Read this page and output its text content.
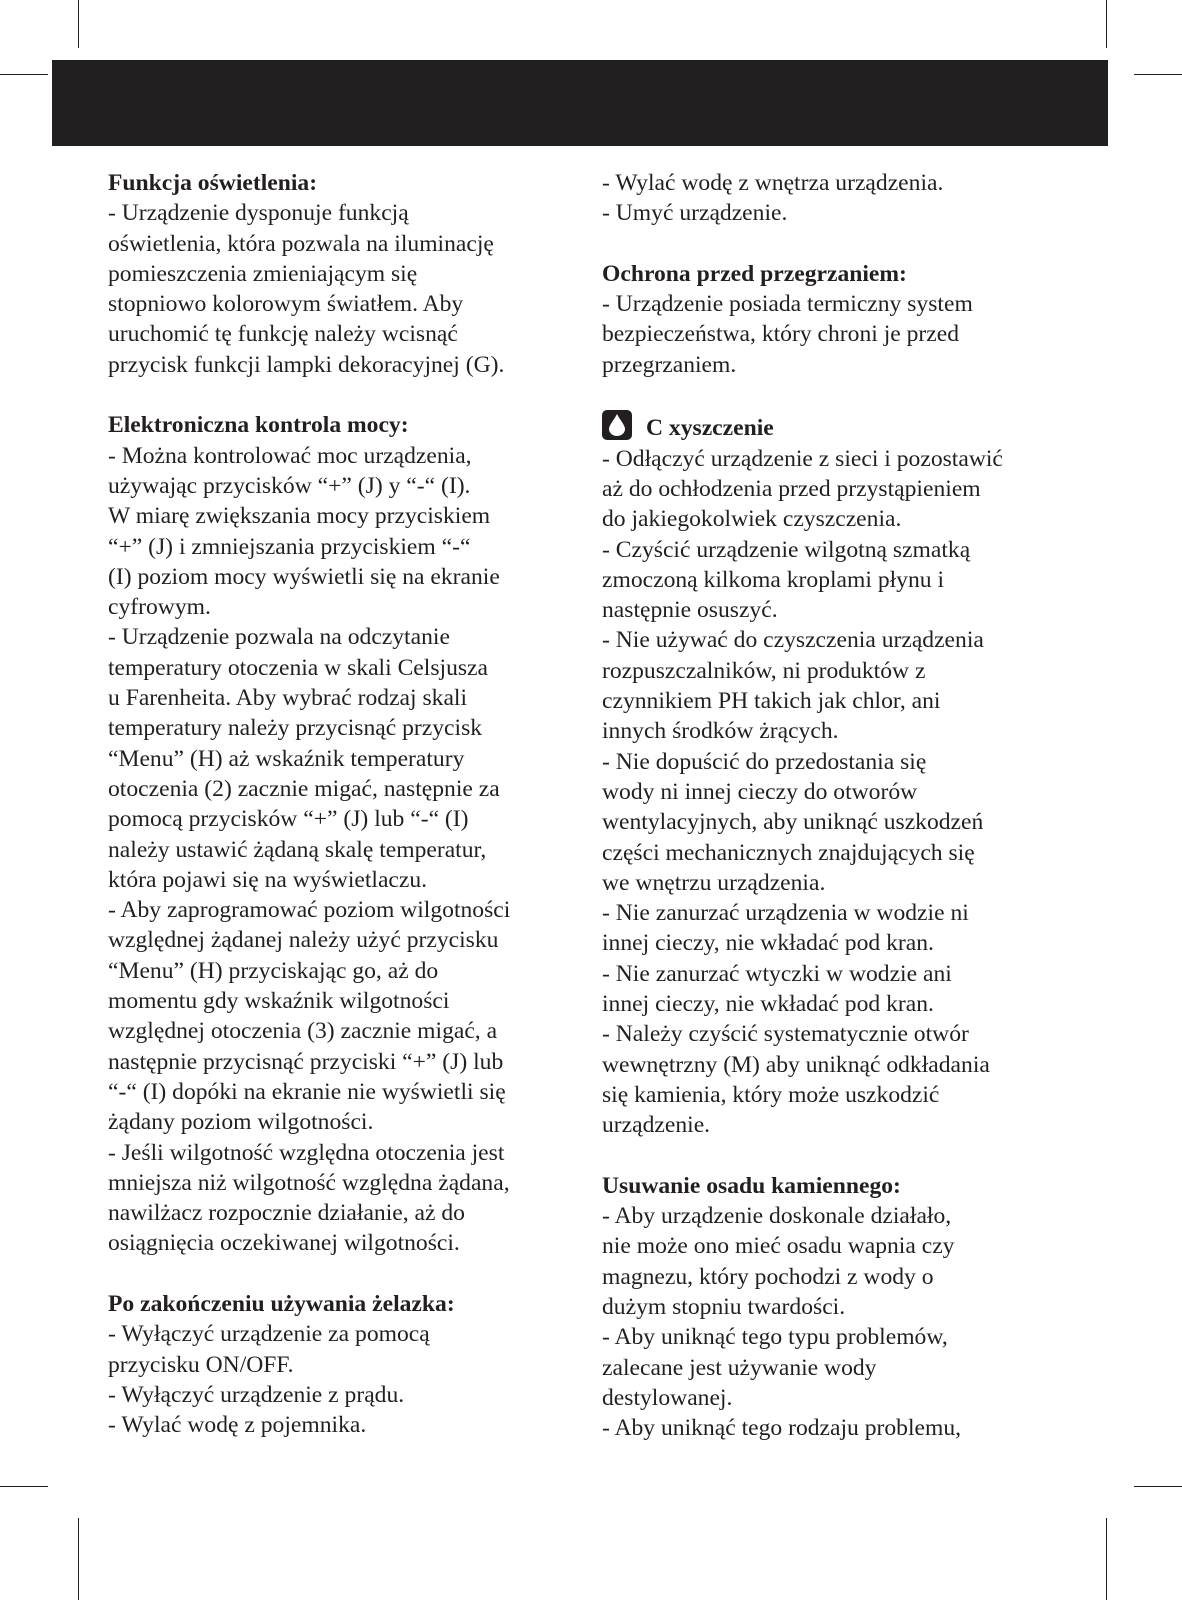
Funkcja oświetlenia:
- Urządzenie dysponuje funkcją
oświetlenia, która pozwala na iluminację
pomieszczenia zmieniającym się
stopniowo kolorowym światłem. Aby
uruchomić tę funkcję należy wcisnąć
przycisk funkcji lampki dekoracyjnej (G).
Elektroniczna kontrola mocy:
- Można kontrolować moc urządzenia,
używając przycisków “+” (J) y “-“ (I).
W miarę zwiększania mocy przyciskiem
“+” (J) i zmniejszania przyciskiem “-“
(I) poziom mocy wyświetli się na ekranie
cyfrowym.
- Urządzenie pozwala na odczytanie
temperatury otoczenia w skali Celsjusza
u Farenheita. Aby wybrać rodzaj skali
temperatury należy przycisnąć przycisk
“Menu” (H) aż wskaźnik temperatury
otoczenia (2) zacznie migać, następnie za
pomocą przycisków “+” (J) lub “-“ (I)
należy ustawić żądaną skalę temperatur,
która pojawi się na wyświetlaczu.
- Aby zaprogramować poziom wilgotności
względnej żądanej należy użyć przycisku
“Menu” (H) przyciskając go, aż do
momentu gdy wskaźnik wilgotności
względnej otoczenia (3) zacznie migać, a
następnie przycisnąć przyciski “+” (J) lub
“-“ (I) dopóki na ekranie nie wyświetli się
żądany poziom wilgotności.
- Jeśli wilgotność względna otoczenia jest
mniejsza niż wilgotność względna żądana,
nawilżacz rozpocznie działanie, aż do
osiągnięcia oczekiwanej wilgotności.
Po zakończeniu używania żelazka:
- Wyłączyć urządzenie za pomocą
przycisku ON/OFF.
- Wyłączyć urządzenie z prądu.
- Wylać wodę z pojemnika.
- Wylać wodę z wnętrza urządzenia.
- Umyć urządzenie.
Ochrona przed przegrzaniem:
- Urządzenie posiada termiczny system
bezpieczeństwa, który chroni je przed
przegrzaniem.
C xyszczenie
- Odłączyć urządzenie z sieci i pozostawić
aż do ochłodzenia przed przystąpieniem
do jakiegokolwiek czyszczenia.
- Czyścić urządzenie wilgotną szmatką
zmoczoną kilkoma kroplami płynu i
następnie osuszyć.
- Nie używać do czyszczenia urządzenia
rozpuszczalników, ni produktów z
czynnikiem PH takich jak chlor, ani
innych środków żrących.
- Nie dopuścić do przedostania się
wody ni innej cieczy do otworów
wentylacyjnych, aby uniknąć uszkodzeń
części mechanicznych znajdujących się
we wnętrzu urządzenia.
- Nie zanurzać urządzenia w wodzie ni
innej cieczy, nie wkładać pod kran.
- Nie zanurzać wtyczki w wodzie ani
innej cieczy, nie wkładać pod kran.
- Należy czyścić systematycznie otwór
wewnętrzny (M) aby uniknąć odkładania
się kamienia, który może uszkodzić
urządzenie.
Usuwanie osadu kamiennego:
- Aby urządzenie doskonale działało,
nie może ono mieć osadu wapnia czy
magnezu, który pochodzi z wody o
dużym stopniu twardości.
- Aby uniknąć tego typu problemów,
zalecane jest używanie wody
destylowanej.
- Aby uniknąć tego rodzaju problemu,
